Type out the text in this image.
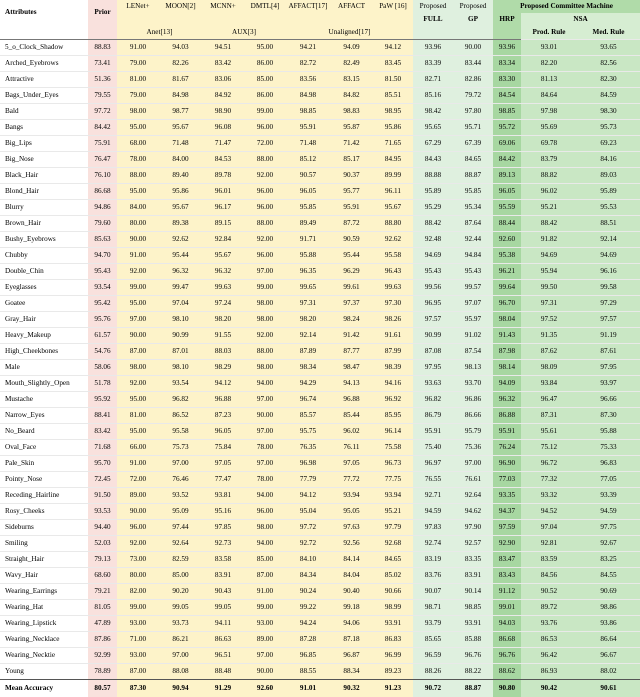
Attributes	Prior	LENet+	MOON[2]	MCNN+	DMTL[4]	AFFACT[17]	AFFACT	PaW [16]	Proposed	Proposed	Proposed Committee Machine		
									FULL	GP	HRP	NSA	
		Anet[13]		AUX[3]		Unaligned[17]						Prod. Rule	Med. Rule
5_o_Clock_Shadow	88.83	91.00	94.03	94.51	95.00	94.21	94.09	94.12	93.96	90.00	93.96	93.01	93.65
Arched_Eyebrows	73.41	79.00	82.26	83.42	86.00	82.72	82.49	83.45	83.39	83.44	83.34	82.20	82.56
Attractive	51.36	81.00	81.67	83.06	85.00	83.56	83.15	81.50	82.71	82.86	83.30	81.13	82.30
Bags_Under_Eyes	79.55	79.00	84.98	84.92	86.00	84.98	84.82	85.51	85.16	79.72	84.54	84.64	84.59
Bald	97.72	98.00	98.77	98.90	99.00	98.85	98.83	98.95	98.42	97.80	98.85	97.98	98.30
Bangs	84.42	95.00	95.67	96.08	96.00	95.91	95.87	95.86	95.65	95.71	95.72	95.69	95.73
Big_Lips	75.91	68.00	71.48	71.47	72.00	71.48	71.42	71.65	67.29	67.39	69.06	69.78	69.23
Big_Nose	76.47	78.00	84.00	84.53	88.00	85.12	85.17	84.95	84.43	84.65	84.42	83.79	84.16
Black_Hair	76.10	88.00	89.40	89.78	92.00	90.57	90.37	89.99	88.88	88.87	89.13	88.82	89.03
Blond_Hair	86.68	95.00	95.86	96.01	96.00	96.05	95.77	96.11	95.89	95.85	96.05	96.02	95.89
Blurry	94.86	84.00	95.67	96.17	96.00	95.85	95.91	95.67	95.29	95.34	95.59	95.21	95.53
Brown_Hair	79.60	80.00	89.38	89.15	88.00	89.49	87.72	88.80	88.42	87.64	88.44	88.42	88.51
Bushy_Eyebrows	85.63	90.00	92.62	92.84	92.00	91.71	90.59	92.62	92.48	92.44	92.60	91.82	92.14
Chubby	94.70	91.00	95.44	95.67	96.00	95.88	95.44	95.58	94.69	94.84	95.38	94.69	94.69
Double_Chin	95.43	92.00	96.32	96.32	97.00	96.35	96.29	96.43	95.43	95.43	96.21	95.94	96.16
Eyeglasses	93.54	99.00	99.47	99.63	99.00	99.65	99.61	99.63	99.56	99.57	99.64	99.50	99.58
Goatee	95.42	95.00	97.04	97.24	98.00	97.31	97.37	97.30	96.95	97.07	96.70	97.31	97.29
Gray_Hair	95.76	97.00	98.10	98.20	98.00	98.20	98.24	98.26	97.57	95.97	98.04	97.52	97.57
Heavy_Makeup	61.57	90.00	90.99	91.55	92.00	92.14	91.42	91.61	90.99	91.02	91.43	91.35	91.19
High_Cheekbones	54.76	87.00	87.01	88.03	88.00	87.89	87.77	87.99	87.08	87.54	87.98	87.62	87.61
Male	58.06	98.00	98.10	98.29	98.00	98.34	98.47	98.39	97.95	98.13	98.14	98.09	97.95
Mouth_Slightly_Open	51.78	92.00	93.54	94.12	94.00	94.29	94.13	94.16	93.63	93.70	94.09	93.84	93.97
Mustache	95.92	95.00	96.82	96.88	97.00	96.74	96.88	96.92	96.82	96.86	96.32	96.47	96.66
Narrow_Eyes	88.41	81.00	86.52	87.23	90.00	85.57	85.44	85.95	86.79	86.66	86.88	87.31	87.30
No_Beard	83.42	95.00	95.58	96.05	97.00	95.75	96.02	96.14	95.91	95.79	95.91	95.61	95.88
Oval_Face	71.68	66.00	75.73	75.84	78.00	76.35	76.11	75.58	75.40	75.36	76.24	75.12	75.33
Pale_Skin	95.70	91.00	97.00	97.05	97.00	96.98	97.05	96.73	96.97	97.00	96.90	96.72	96.83
Pointy_Nose	72.45	72.00	76.46	77.47	78.00	77.79	77.72	77.75	76.55	76.61	77.03	77.32	77.05
Receding_Hairline	91.50	89.00	93.52	93.81	94.00	94.12	93.94	93.94	92.71	92.64	93.35	93.32	93.39
Rosy_Cheeks	93.53	90.00	95.09	95.16	96.00	95.04	95.05	95.21	94.59	94.62	94.37	94.52	94.59
Sideburns	94.40	96.00	97.44	97.85	98.00	97.72	97.63	97.79	97.83	97.90	97.59	97.04	97.75
Smiling	52.03	92.00	92.64	92.73	94.00	92.72	92.56	92.68	92.74	92.57	92.90	92.81	92.67
Straight_Hair	79.13	73.00	82.59	83.58	85.00	84.10	84.14	84.65	83.19	83.35	83.47	83.59	83.25
Wavy_Hair	68.60	80.00	85.00	83.91	87.00	84.34	84.04	85.02	83.76	83.91	83.43	84.56	84.55
Wearing_Earrings	79.21	82.00	90.20	90.43	91.00	90.24	90.40	90.66	90.07	90.14	91.12	90.52	90.69
Wearing_Hat	81.05	99.00	99.05	99.05	99.00	99.22	99.18	98.99	98.71	98.85	99.01	89.72	98.86
Wearing_Lipstick	47.89	93.00	93.73	94.11	93.00	94.24	94.06	93.91	93.79	93.91	94.03	93.76	93.86
Wearing_Necklace	87.86	71.00	86.21	86.63	89.00	87.28	87.18	86.83	85.65	85.88	86.68	86.53	86.64
Wearing_Necktie	92.99	93.00	97.00	96.51	97.00	96.85	96.87	96.99	96.59	96.76	96.76	96.42	96.67
Young	78.89	87.00	88.08	88.48	90.00	88.55	88.34	89.23	88.26	88.22	88.62	86.93	88.02
Mean Accuracy	80.57	87.30	90.94	91.29	92.60	91.01	90.32	91.23	90.72	88.87	90.80	90.42	90.61
